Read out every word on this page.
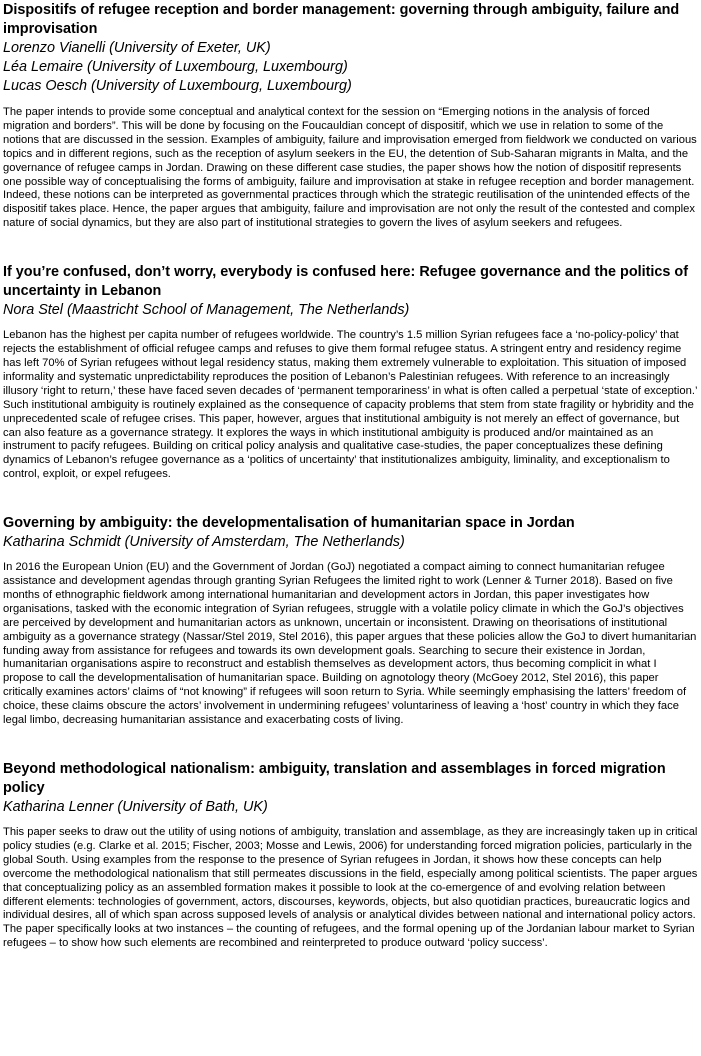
Dispositifs of refugee reception and border management: governing through ambiguity, failure and improvisation

Lorenzo Vianelli (University of Exeter, UK)

Léa Lemaire (University of Luxembourg, Luxembourg)

Lucas Oesch (University of Luxembourg, Luxembourg)

The paper intends to provide some conceptual and analytical context for the session on “Emerging notions in the analysis of forced migration and borders”. This will be done by focusing on the Foucauldian concept of dispositif, which we use in relation to some of the notions that are discussed in the session. Examples of ambiguity, failure and improvisation emerged from fieldwork we conducted on various topics and in different regions, such as the reception of asylum seekers in the EU, the detention of Sub-Saharan migrants in Malta, and the governance of refugee camps in Jordan. Drawing on these different case studies, the paper shows how the notion of dispositif represents one possible way of conceptualising the forms of ambiguity, failure and improvisation at stake in refugee reception and border management. Indeed, these notions can be interpreted as governmental practices through which the strategic reutilisation of the unintended effects of the dispositif takes place. Hence, the paper argues that ambiguity, failure and improvisation are not only the result of the contested and complex nature of social dynamics, but they are also part of institutional strategies to govern the lives of asylum seekers and refugees.

If you’re confused, don’t worry, everybody is confused here: Refugee governance and the politics of uncertainty in Lebanon

Nora Stel (Maastricht School of Management, The Netherlands)

Lebanon has the highest per capita number of refugees worldwide. The country’s 1.5 million Syrian refugees face a ‘no-policy-policy’ that rejects the establishment of official refugee camps and refuses to give them formal refugee status. A stringent entry and residency regime has left 70% of Syrian refugees without legal residency status, making them extremely vulnerable to exploitation. This situation of imposed informality and systematic unpredictability reproduces the position of Lebanon’s Palestinian refugees. With reference to an increasingly illusory ‘right to return,’ these have faced seven decades of ‘permanent temporariness’ in what is often called a perpetual ‘state of exception.’ Such institutional ambiguity is routinely explained as the consequence of capacity problems that stem from state fragility or hybridity and the unprecedented scale of refugee crises. This paper, however, argues that institutional ambiguity is not merely an effect of governance, but can also feature as a governance strategy. It explores the ways in which institutional ambiguity is produced and/or maintained as an instrument to pacify refugees. Building on critical policy analysis and qualitative case-studies, the paper conceptualizes these defining dynamics of Lebanon’s refugee governance as a ‘politics of uncertainty’ that institutionalizes ambiguity, liminality, and exceptionalism to control, exploit, or expel refugees.

Governing by ambiguity: the developmentalisation of humanitarian space in Jordan

Katharina Schmidt (University of Amsterdam, The Netherlands)

In 2016 the European Union (EU) and the Government of Jordan (GoJ) negotiated a compact aiming to connect humanitarian refugee assistance and development agendas through granting Syrian Refugees the limited right to work (Lenner & Turner 2018). Based on five months of ethnographic fieldwork among international humanitarian and development actors in Jordan, this paper investigates how organisations, tasked with the economic integration of Syrian refugees, struggle with a volatile policy climate in which the GoJ’s objectives are perceived by development and humanitarian actors as unknown, uncertain or inconsistent. Drawing on theorisations of institutional ambiguity as a governance strategy (Nassar/Stel 2019, Stel 2016), this paper argues that these policies allow the GoJ to divert humanitarian funding away from assistance for refugees and towards its own development goals. Searching to secure their existence in Jordan, humanitarian organisations aspire to reconstruct and establish themselves as development actors, thus becoming complicit in what I propose to call the developmentalisation of humanitarian space. Building on agnotology theory (McGoey 2012, Stel 2016), this paper critically examines actors’ claims of “not knowing” if refugees will soon return to Syria. While seemingly emphasising the latters’ freedom of choice, these claims obscure the actors’ involvement in undermining refugees’ voluntariness of leaving a ‘host’ country in which they face legal limbo, decreasing humanitarian assistance and exacerbating costs of living.

Beyond methodological nationalism: ambiguity, translation and assemblages in forced migration policy

Katharina Lenner (University of Bath, UK)

This paper seeks to draw out the utility of using notions of ambiguity, translation and assemblage, as they are increasingly taken up in critical policy studies (e.g. Clarke et al. 2015; Fischer, 2003; Mosse and Lewis, 2006) for understanding forced migration policies, particularly in the global South. Using examples from the response to the presence of Syrian refugees in Jordan, it shows how these concepts can help overcome the methodological nationalism that still permeates discussions in the field, especially among political scientists. The paper argues that conceptualizing policy as an assembled formation makes it possible to look at the co-emergence of and evolving relation between different elements: technologies of government, actors, discourses, keywords, objects, but also quotidian practices, bureaucratic logics and individual desires, all of which span across supposed levels of analysis or analytical divides between national and international policy actors. The paper specifically looks at two instances – the counting of refugees, and the formal opening up of the Jordanian labour market to Syrian refugees – to show how such elements are recombined and reinterpreted to produce outward ‘policy success’.
